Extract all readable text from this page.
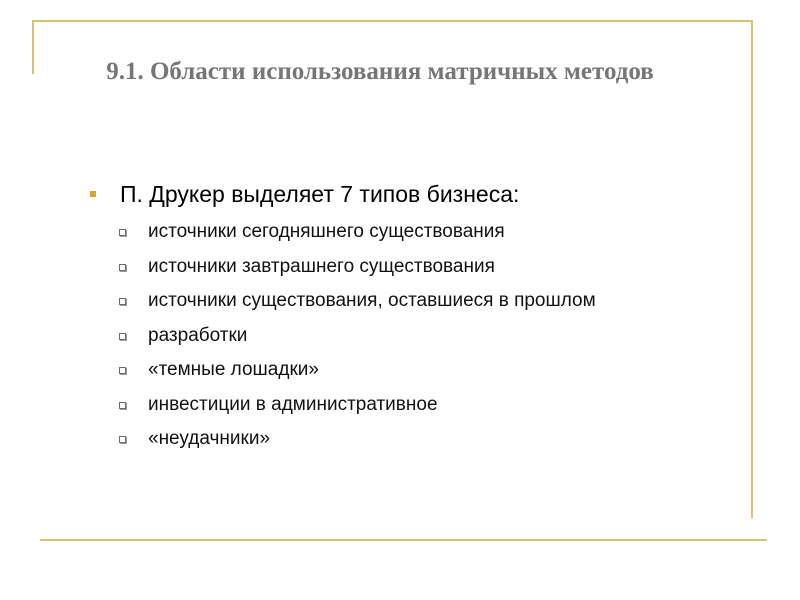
9.1. Области использования матричных методов
П. Друкер выделяет 7 типов бизнеса:
источники сегодняшнего существования
источники завтрашнего существования
источники существования, оставшиеся в прошлом
разработки
«темные лошадки»
инвестиции в административное
«неудачники»
